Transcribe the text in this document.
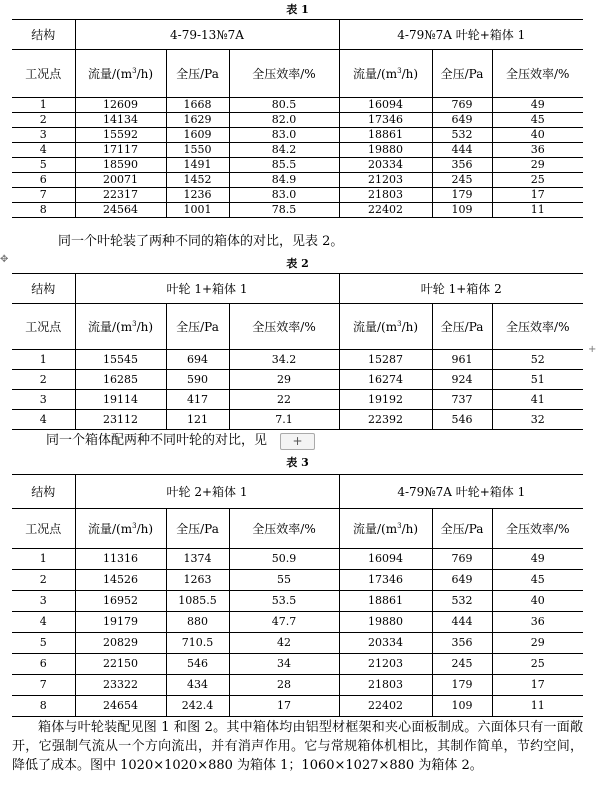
表 1
结构	4-79-13№7A			4-79№7A 叶轮+箱体 1		
工况点	流量$/(m^3/h)$	全压/Pa	全压效率/%	流量$/(m^3/h)$	全压/Pa	全压效率/%
1	12609	1668	80.5	16094	769	49
2	14134	1629	82.0	17346	649	45
3	15592	1609	83.0	18861	532	40
4	17117	1550	84.2	19880	444	36
5	18590	1491	85.5	20334	356	29
6	20071	1452	84.9	21203	245	25
7	22317	1236	83.0	21803	179	17
8	24564	1001	78.5	22402	109	11
同一个叶轮装了两种不同的箱体的对比，见表 2。
✥	表 2
结构	叶轮 1+箱体 1			叶轮 1+箱体 2		
工况点	流量$/(m^3/h)$	全压/Pa	全压效率/%	流量$/(m^3/h)$	全压/Pa	全压效率/%
1	15545	694	34.2	15287	961	52
2	16285	590	29	16274	924	51
3	19114	417	22	19192	737	41
4	23112	121	7.1	22392	546	32
+
同一个箱体配两种不同叶轮的对比，见	+
表 3
结构	叶轮 2+箱体 1			4-79№7A 叶轮+箱体 1		
工况点	流量$/(m^3/h)$	全压/Pa	全压效率/%	流量$/(m^3/h)$	全压/Pa	全压效率/%
1	11316	1374	50.9	16094	769	49
2	14526	1263	55	17346	649	45
3	16952	1085.5	53.5	18861	532	40
4	19179	880	47.7	19880	444	36
5	20829	710.5	42	20334	356	29
6	22150	546	34	21203	245	25
7	23322	434	28	21803	179	17
8	24654	242.4	17	22402	109	11
箱体与叶轮装配见图 1 和图 2。其中箱体均由铝型材框架和夹心面板制成。六面体只有一面敞开，它强制气流从一个方向流出，并有消声作用。它与常规箱体机相比，其制作简单，节约空间，降低了成本。图中 1020×1020×880 为箱体 1；1060×1027×880 为箱体 2。
